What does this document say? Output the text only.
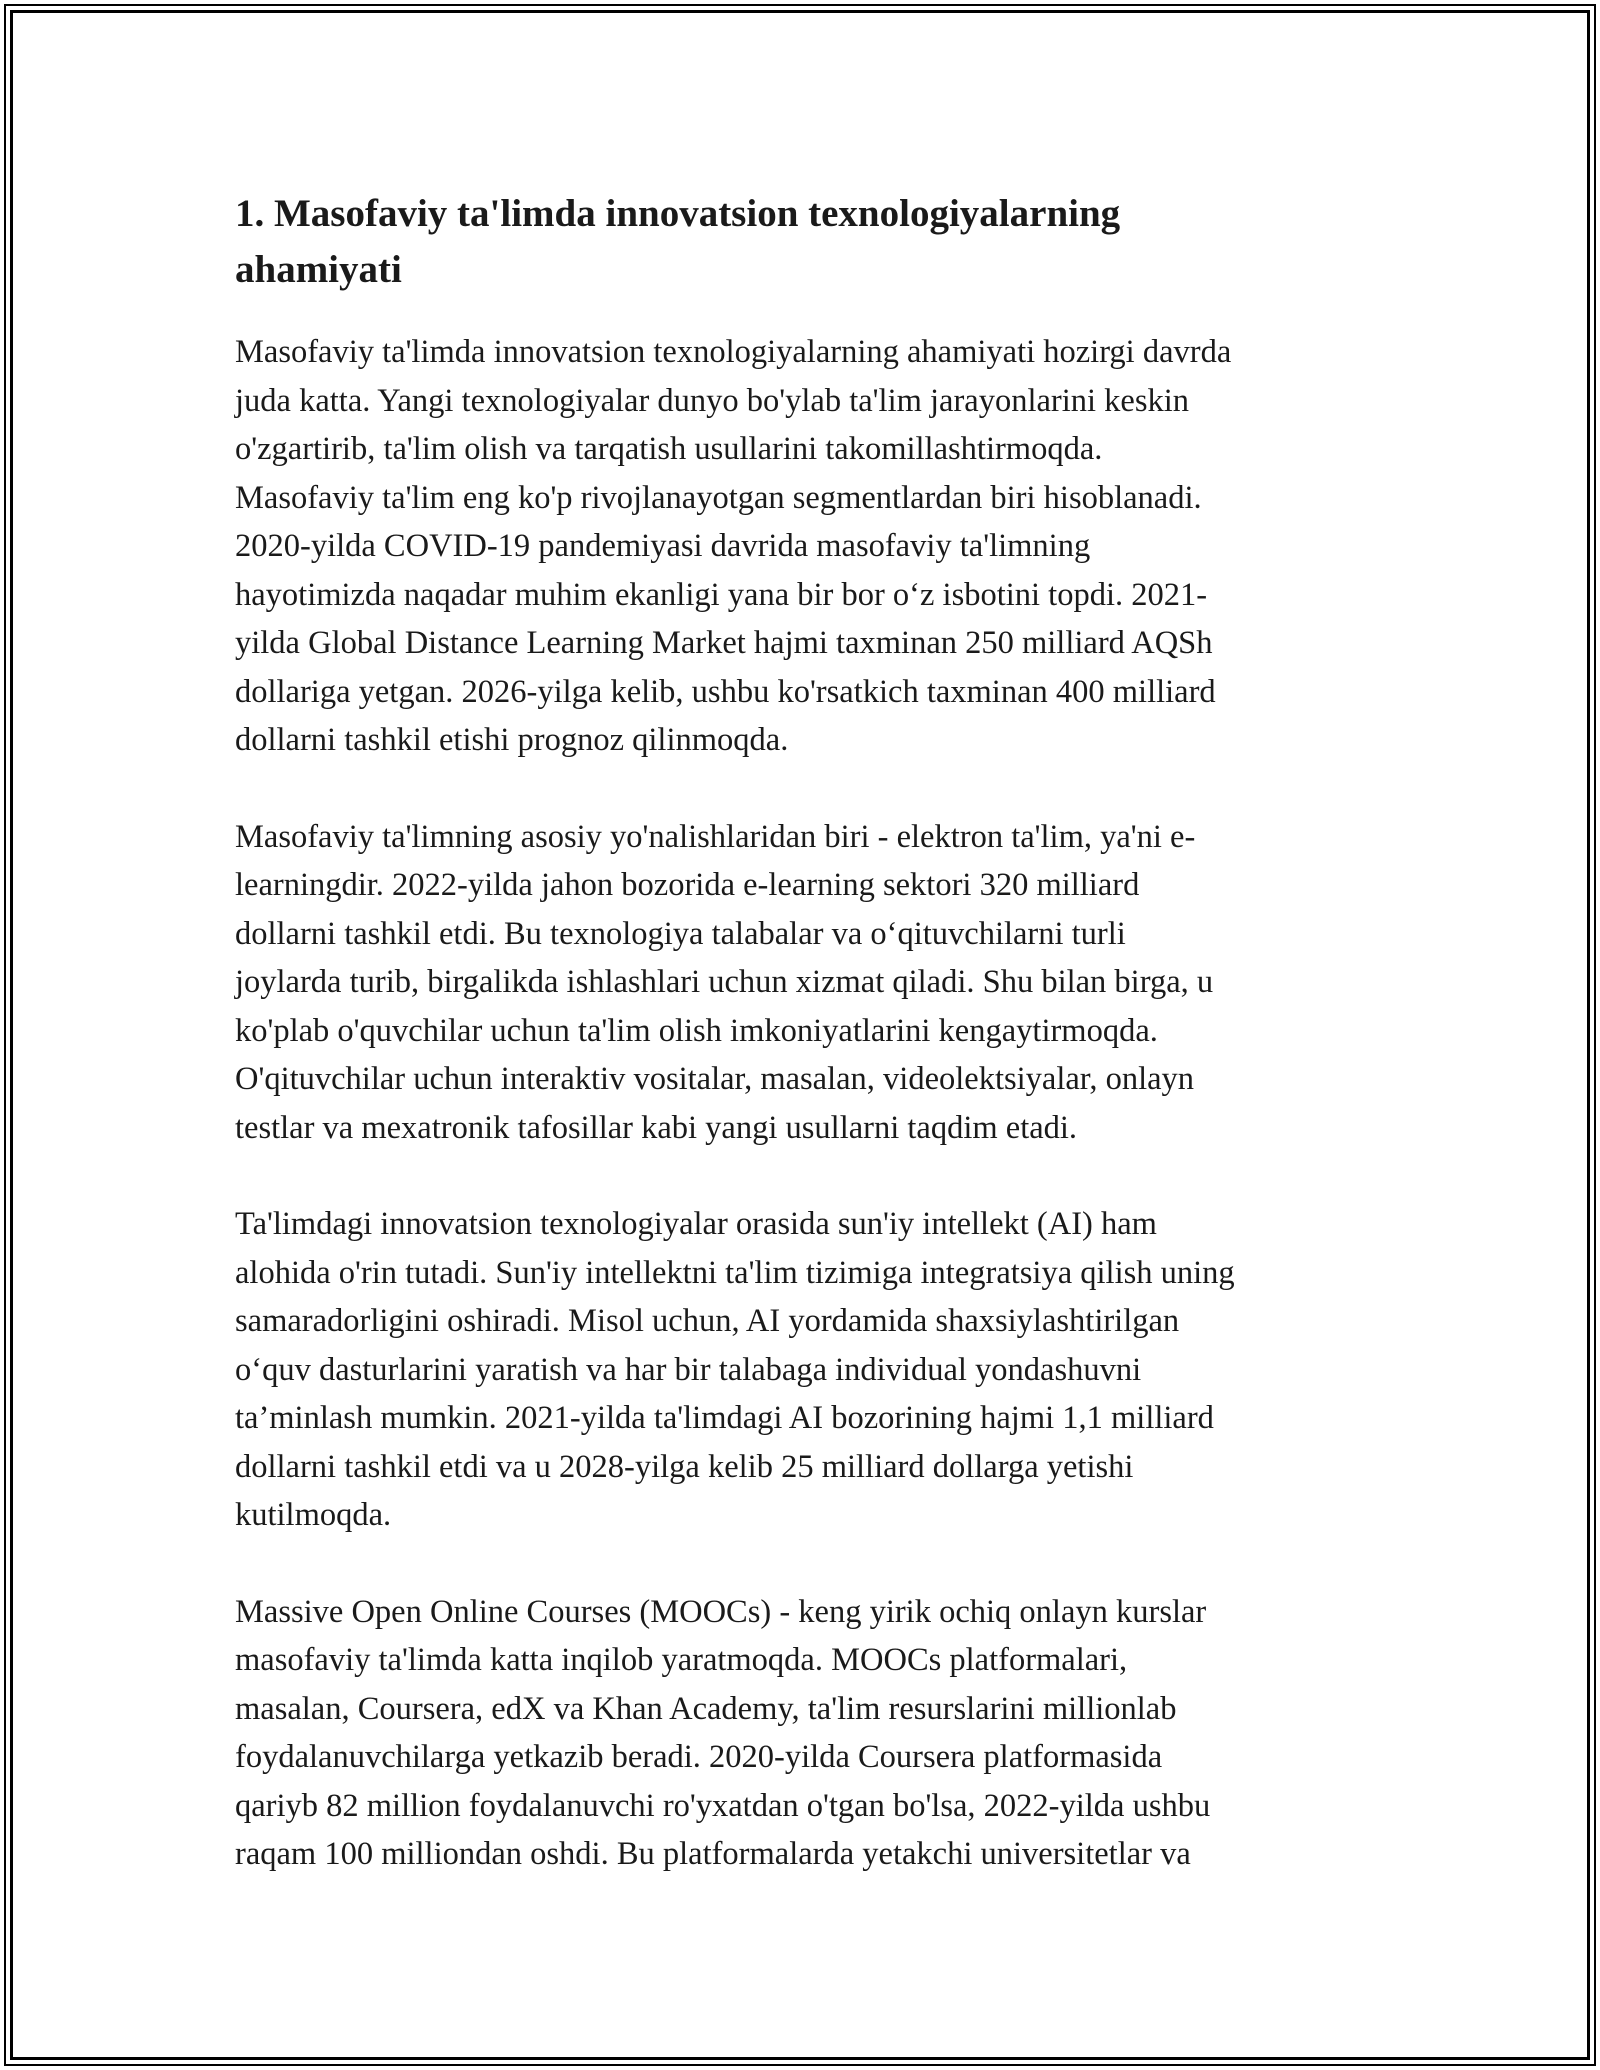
1. Masofaviy ta'limda innovatsion texnologiyalarning
ahamiyati

Masofaviy ta'limda innovatsion texnologiyalarning ahamiyati hozirgi davrda
juda katta. Yangi texnologiyalar dunyo bo'ylab ta'lim jarayonlarini keskin
o'zgartirib, ta'lim olish va tarqatish usullarini takomillashtirmoqda.
Masofaviy ta'lim eng ko'p rivojlanayotgan segmentlardan biri hisoblanadi.
2020-yilda COVID-19 pandemiyasi davrida masofaviy ta'limning
hayotimizda naqadar muhim ekanligi yana bir bor o‘z isbotini topdi. 2021-
yilda Global Distance Learning Market hajmi taxminan 250 milliard AQSh
dollariga yetgan. 2026-yilga kelib, ushbu ko'rsatkich taxminan 400 milliard
dollarni tashkil etishi prognoz qilinmoqda.

Masofaviy ta'limning asosiy yo'nalishlaridan biri - elektron ta'lim, ya'ni e-
learningdir. 2022-yilda jahon bozorida e-learning sektori 320 milliard
dollarni tashkil etdi. Bu texnologiya talabalar va o‘qituvchilarni turli
joylarda turib, birgalikda ishlashlari uchun xizmat qiladi. Shu bilan birga, u
ko'plab o'quvchilar uchun ta'lim olish imkoniyatlarini kengaytirmoqda.
O'qituvchilar uchun interaktiv vositalar, masalan, videolektsiyalar, onlayn
testlar va mexatronik tafosillar kabi yangi usullarni taqdim etadi.

Ta'limdagi innovatsion texnologiyalar orasida sun'iy intellekt (AI) ham
alohida o'rin tutadi. Sun'iy intellektni ta'lim tizimiga integratsiya qilish uning
samaradorligini oshiradi. Misol uchun, AI yordamida shaxsiylashtirilgan
o‘quv dasturlarini yaratish va har bir talabaga individual yondashuvni
ta’minlash mumkin. 2021-yilda ta'limdagi AI bozorining hajmi 1,1 milliard
dollarni tashkil etdi va u 2028-yilga kelib 25 milliard dollarga yetishi
kutilmoqda.

Massive Open Online Courses (MOOCs) - keng yirik ochiq onlayn kurslar
masofaviy ta'limda katta inqilob yaratmoqda. MOOCs platformalari,
masalan, Coursera, edX va Khan Academy, ta'lim resurslarini millionlab
foydalanuvchilarga yetkazib beradi. 2020-yilda Coursera platformasida
qariyb 82 million foydalanuvchi ro'yxatdan o'tgan bo'lsa, 2022-yilda ushbu
raqam 100 milliondan oshdi. Bu platformalarda yetakchi universitetlar va
